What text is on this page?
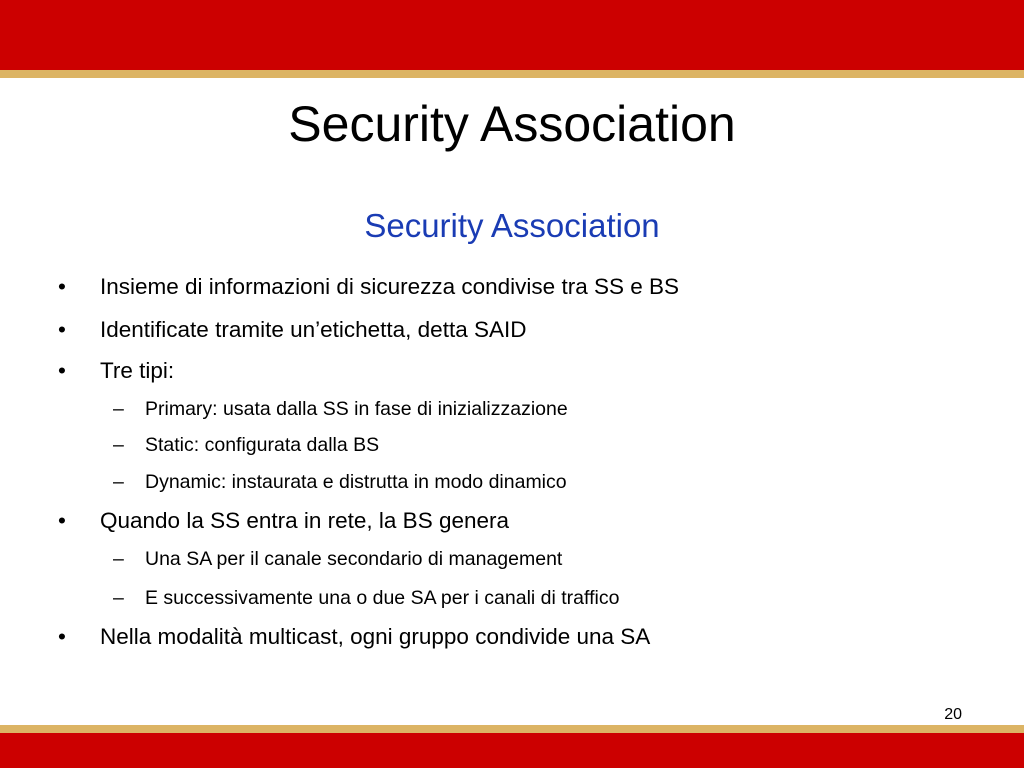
Security Association
Security Association
• Insieme di informazioni di sicurezza condivise tra SS e BS
• Identificate tramite un’etichetta, detta SAID
• Tre tipi:
– Primary: usata dalla SS in fase di inizializzazione
– Static: configurata dalla BS
– Dynamic: instaurata e distrutta in modo dinamico
• Quando la SS entra in rete, la BS genera
– Una SA per il canale secondario di management
– E successivamente una o due SA per i canali di traffico
• Nella modalità multicast, ogni gruppo condivide una SA
20
